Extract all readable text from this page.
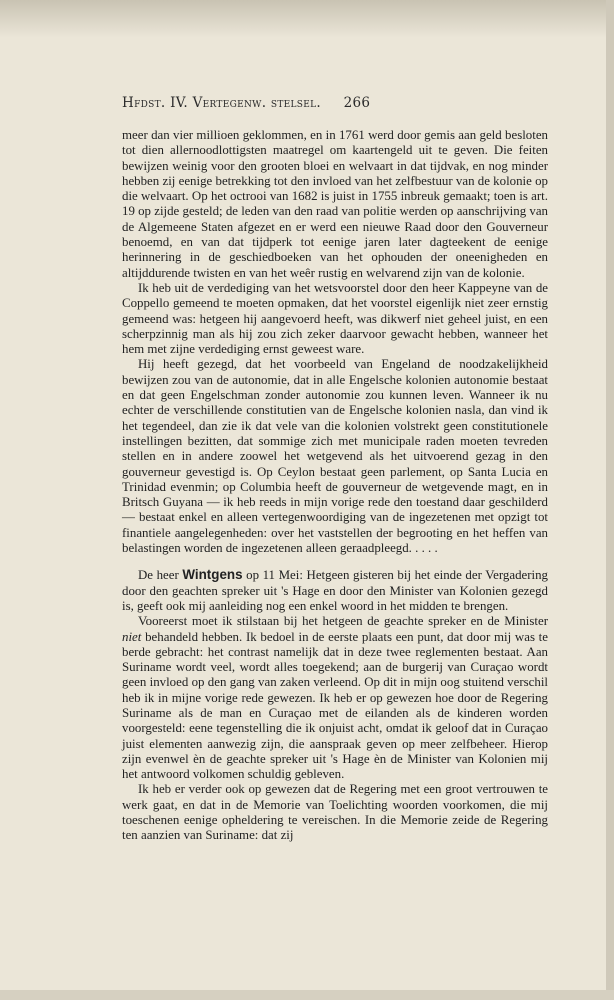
Hfdst. IV. Vertegenw. stelsel. 266

meer dan vier millioen geklommen, en in 1761 werd door gemis aan geld besloten tot dien allernoodlottigsten maatregel om kaartengeld uit te geven. Die feiten bewijzen weinig voor den grooten bloei en welvaart in dat tijdvak, en nog minder hebben zij eenige betrekking tot den invloed van het zelfbestuur van de kolonie op die welvaart. Op het octrooi van 1682 is juist in 1755 inbreuk gemaakt; toen is art. 19 op zijde gesteld; de leden van den raad van politie werden op aanschrijving van de Algemeene Staten afgezet en er werd een nieuwe Raad door den Gouverneur benoemd, en van dat tijdperk tot eenige jaren later dagteekent de eenige herinnering in de geschiedboeken van het ophouden der oneenigheden en altijddurende twisten en van het weêr rustig en welvarend zijn van de kolonie.

Ik heb uit de verdediging van het wetsvoorstel door den heer Kappeyne van de Coppello gemeend te moeten opmaken, dat het voorstel eigenlijk niet zeer ernstig gemeend was: hetgeen hij aangevoerd heeft, was dikwerf niet geheel juist, en een scherpzinnig man als hij zou zich zeker daarvoor gewacht hebben, wanneer het hem met zijne verdediging ernst geweest ware.

Hij heeft gezegd, dat het voorbeeld van Engeland de noodzakelijkheid bewijzen zou van de autonomie, dat in alle Engelsche kolonien autonomie bestaat en dat geen Engelschman zonder autonomie zou kunnen leven. Wanneer ik nu echter de verschillende constitutien van de Engelsche kolonien nasla, dan vind ik het tegendeel, dan zie ik dat vele van die kolonien volstrekt geen constitutionele instellingen bezitten, dat sommige zich met municipale raden moeten tevreden stellen en in andere zoowel het wetgevend als het uitvoerend gezag in den gouverneur gevestigd is. Op Ceylon bestaat geen parlement, op Santa Lucia en Trinidad evenmin; op Columbia heeft de gouverneur de wetgevende magt, en in Britsch Guyana — ik heb reeds in mijn vorige rede den toestand daar geschilderd — bestaat enkel en alleen vertegenwoordiging van de ingezetenen met opzigt tot finantiele aangelegenheden: over het vaststellen der begrooting en het heffen van belastingen worden de ingezetenen alleen geraadpleegd. . . . .

De heer Wintgens op 11 Mei: Hetgeen gisteren bij het einde der Vergadering door den geachten spreker uit 's Hage en door den Minister van Kolonien gezegd is, geeft ook mij aanleiding nog een enkel woord in het midden te brengen.

Vooreerst moet ik stilstaan bij het hetgeen de geachte spreker en de Minister niet behandeld hebben. Ik bedoel in de eerste plaats een punt, dat door mij was te berde gebracht: het contrast namelijk dat in deze twee reglementen bestaat. Aan Suriname wordt veel, wordt alles toegekend; aan de burgerij van Curaçao wordt geen invloed op den gang van zaken verleend. Op dit in mijn oog stuitend verschil heb ik in mijne vorige rede gewezen. Ik heb er op gewezen hoe door de Regering Suriname als de man en Curaçao met de eilanden als de kinderen worden voorgesteld: eene tegenstelling die ik onjuist acht, omdat ik geloof dat in Curaçao juist elementen aanwezig zijn, die aanspraak geven op meer zelfbeheer. Hierop zijn evenwel èn de geachte spreker uit 's Hage èn de Minister van Kolonien mij het antwoord volkomen schuldig gebleven.

Ik heb er verder ook op gewezen dat de Regering met een groot vertrouwen te werk gaat, en dat in de Memorie van Toelichting woorden voorkomen, die mij toeschenen eenige opheldering te vereischen. In die Memorie zeide de Regering ten aanzien van Suriname: dat zij
